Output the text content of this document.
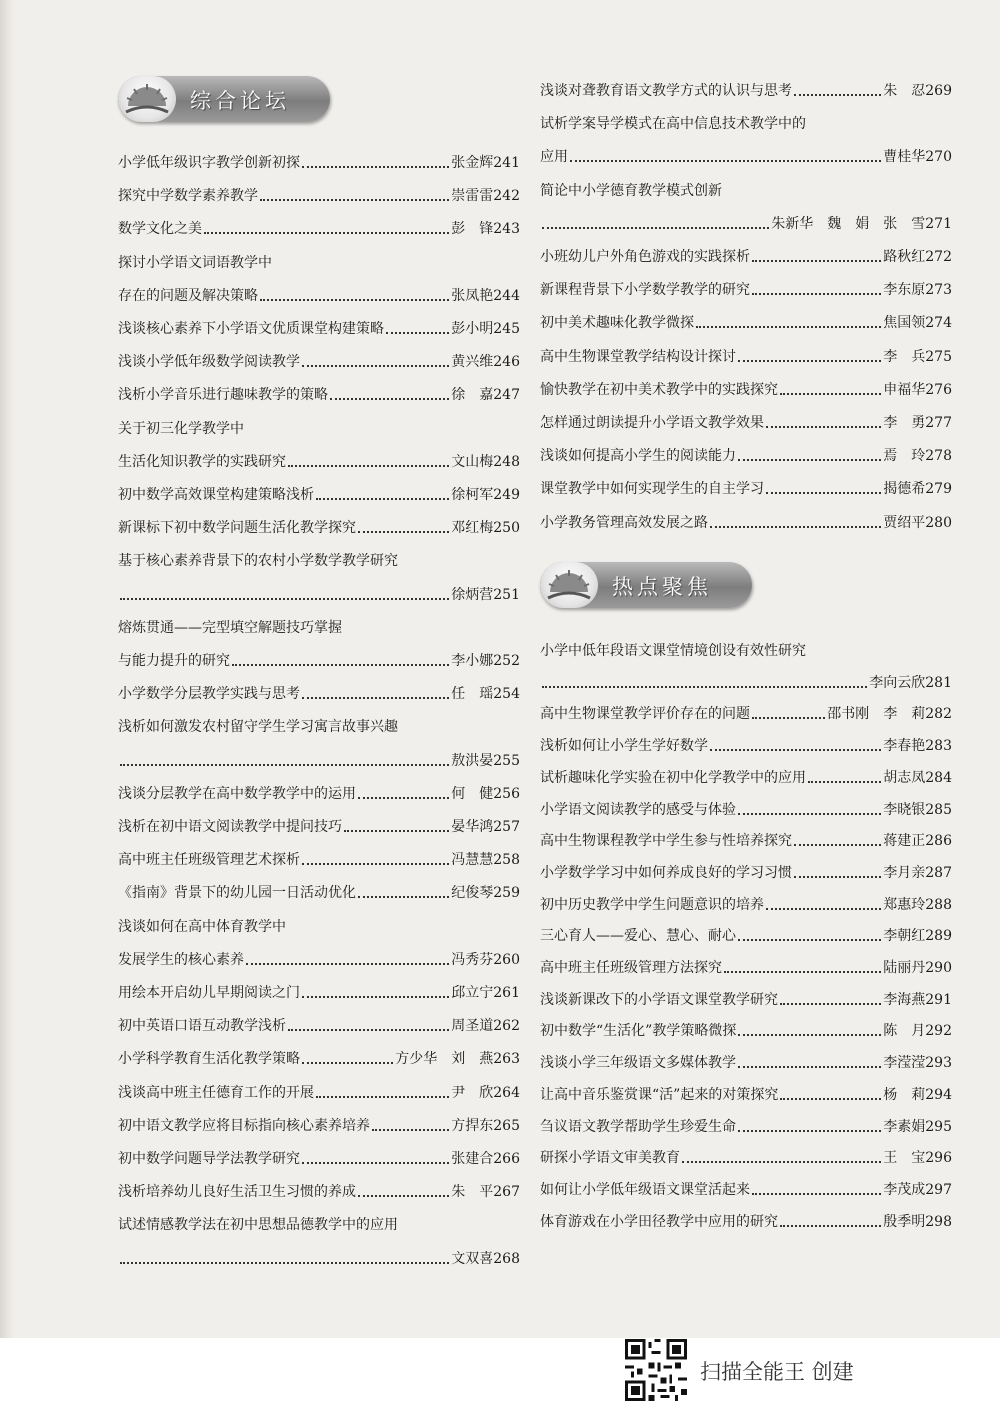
综合论坛
热点聚焦
小学低年级识字教学创新初探	张金辉 241
探究中学数学素养教学	崇雷雷 242
数学文化之美	彭　锋 243
探讨小学语文词语教学中
存在的问题及解决策略	张凤艳 244
浅谈核心素养下小学语文优质课堂构建策略	彭小明 245
浅谈小学低年级数学阅读教学	黄兴维 246
浅析小学音乐进行趣味教学的策略	徐　嘉 247
关于初三化学教学中
生活化知识教学的实践研究	文山梅 248
初中数学高效课堂构建策略浅析	徐柯军 249
新课标下初中数学问题生活化教学探究	邓红梅 250
基于核心素养背景下的农村小学数学教学研究
徐炳营 251
熔炼贯通——完型填空解题技巧掌握
与能力提升的研究	李小娜 252
小学数学分层教学实践与思考	任　瑶 254
浅析如何激发农村留守学生学习寓言故事兴趣
敖洪晏 255
浅谈分层教学在高中数学教学中的运用	何　健 256
浅析在初中语文阅读教学中提问技巧	晏华鸿 257
高中班主任班级管理艺术探析	冯慧慧 258
《指南》背景下的幼儿园一日活动优化	纪俊琴 259
浅谈如何在高中体育教学中
发展学生的核心素养	冯秀芬 260
用绘本开启幼儿早期阅读之门	邱立宁 261
初中英语口语互动教学浅析	周圣道 262
小学科学教育生活化教学策略	方少华　刘　燕 263
浅谈高中班主任德育工作的开展	尹　欣 264
初中语文教学应将目标指向核心素养培养	方捍东 265
初中数学问题导学法教学研究	张建合 266
浅析培养幼儿良好生活卫生习惯的养成	朱　平 267
试述情感教学法在初中思想品德教学中的应用
文双喜 268
浅谈对聋教育语文教学方式的认识与思考	朱　忍 269
试析学案导学模式在高中信息技术教学中的
应用	曹桂华 270
简论中小学德育教学模式创新
朱新华　魏　娟　张　雪 271
小班幼儿户外角色游戏的实践探析	路秋红 272
新课程背景下小学数学教学的研究	李东原 273
初中美术趣味化教学微探	焦国领 274
高中生物课堂教学结构设计探讨	李　兵 275
愉快教学在初中美术教学中的实践探究	申福华 276
怎样通过朗读提升小学语文教学效果	李　勇 277
浅谈如何提高小学生的阅读能力	焉　玲 278
课堂教学中如何实现学生的自主学习	揭德希 279
小学教务管理高效发展之路	贾绍平 280
小学中低年段语文课堂情境创设有效性研究
李向云欣 281
高中生物课堂教学评价存在的问题	邵书刚　李　莉 282
浅析如何让小学生学好数学	李春艳 283
试析趣味化学实验在初中化学教学中的应用	胡志凤 284
小学语文阅读教学的感受与体验	李晓银 285
高中生物课程教学中学生参与性培养探究	蒋建正 286
小学数学学习中如何养成良好的学习习惯	李月亲 287
初中历史教学中学生问题意识的培养	郑惠玲 288
三心育人——爱心、慧心、耐心	李朝红 289
高中班主任班级管理方法探究	陆丽丹 290
浅谈新课改下的小学语文课堂教学研究	李海燕 291
初中数学“生活化”教学策略微探	陈　月 292
浅谈小学三年级语文多媒体教学	李滢滢 293
让高中音乐鉴赏课“活”起来的对策探究	杨　莉 294
刍议语文教学帮助学生珍爱生命	李素娟 295
研探小学语文审美教育	王　宝 296
如何让小学低年级语文课堂活起来	李茂成 297
体育游戏在小学田径教学中应用的研究	殷季明 298
扫描全能王 创建
